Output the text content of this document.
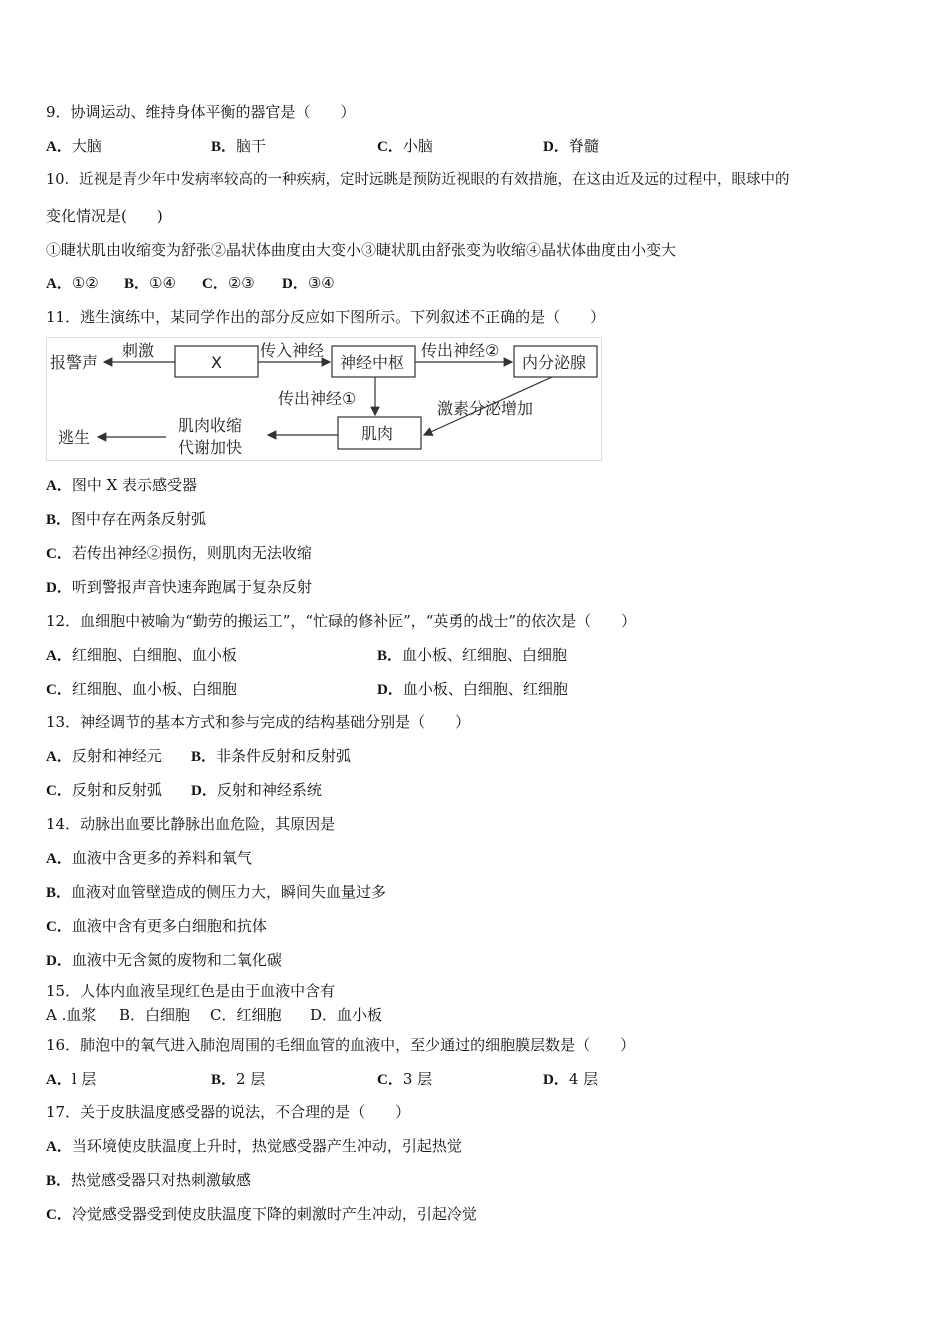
9．协调运动、维持身体平衡的器官是（　　）
A．大脑	B．脑干	C．小脑	D．脊髓
10．近视是青少年中发病率较高的一种疾病，定时远眺是预防近视眼的有效措施，在这由近及远的过程中，眼球中的
变化情况是(　　)
①睫状肌由收缩变为舒张②晶状体曲度由大变小③睫状肌由舒张变为收缩④晶状体曲度由小变大
A．①② B．①④ C．②③ D．③④
11．逃生演练中，某同学作出的部分反应如下图所示。下列叙述不正确的是（　　）
报警声
刺激
X
传入神经
神经中枢
传出神经②
内分泌腺
传出神经①
激素分泌增加
肌肉
肌肉收缩
代谢加快
逃生
A．图中 X 表示感受器
B．图中存在两条反射弧
C．若传出神经②损伤，则肌肉无法收缩
D．听到警报声音快速奔跑属于复杂反射
12．血细胞中被喻为“勤劳的搬运工”，“忙碌的修补匠”，“英勇的战士”的依次是（　　）
A．红细胞、白细胞、血小板	B．血小板、红细胞、白细胞
C．红细胞、血小板、白细胞	D．血小板、白细胞、红细胞
13．神经调节的基本方式和参与完成的结构基础分别是（　　）
A．反射和神经元 B．非条件反射和反射弧
C．反射和反射弧 D．反射和神经系统
14．动脉出血要比静脉出血危险，其原因是
A．血液中含更多的养料和氧气
B．血液对血管壁造成的侧压力大，瞬间失血量过多
C．血液中含有更多白细胞和抗体
D．血液中无含氮的废物和二氧化碳
15．人体内血液呈现红色是由于血液中含有
A .血浆 B．白细胞 C．红细胞 D．血小板
16．肺泡中的氧气进入肺泡周围的毛细血管的血液中，至少通过的细胞膜层数是（　　）
A．l 层	B．2 层	C．3 层	D．4 层
17．关于皮肤温度感受器的说法，不合理的是（　　）
A．当环境使皮肤温度上升时，热觉感受器产生冲动，引起热觉
B．热觉感受器只对热刺激敏感
C．冷觉感受器受到使皮肤温度下降的刺激时产生冲动，引起冷觉
